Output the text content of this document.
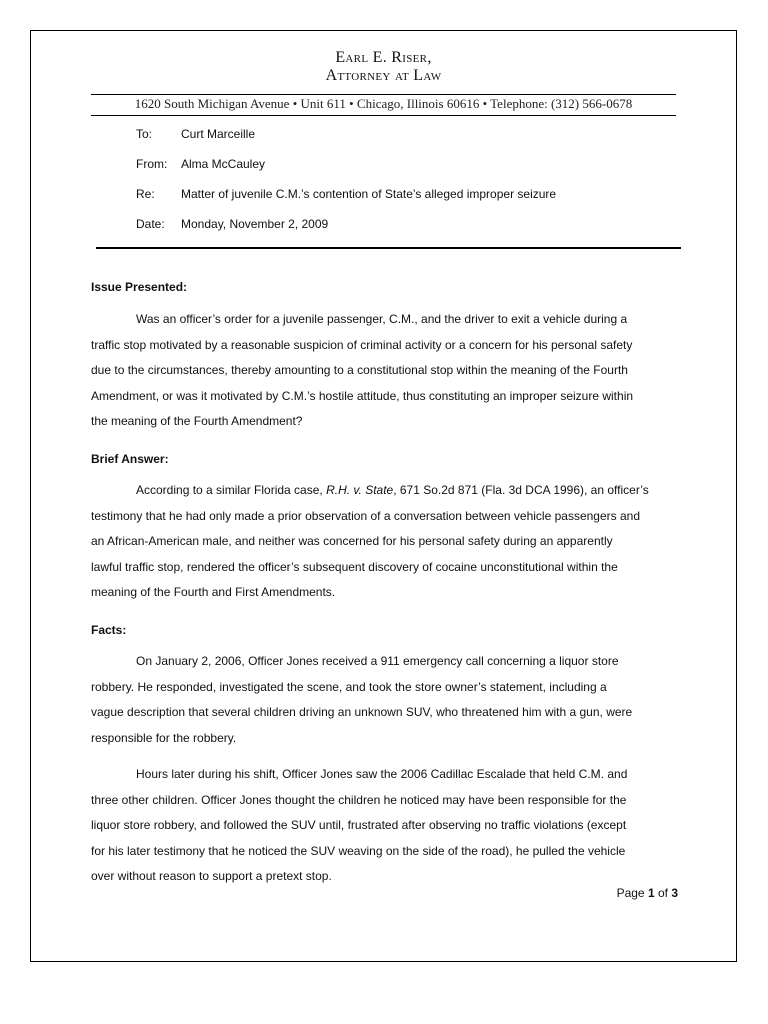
Earl E. Riser,
Attorney at Law
1620 South Michigan Avenue • Unit 611 • Chicago, Illinois 60616 • Telephone: (312) 566-0678
To: Curt Marceille
From: Alma McCauley
Re: Matter of juvenile C.M.’s contention of State’s alleged improper seizure
Date: Monday, November 2, 2009
Issue Presented:
Was an officer’s order for a juvenile passenger, C.M., and the driver to exit a vehicle during a
traffic stop motivated by a reasonable suspicion of criminal activity or a concern for his personal safety
due to the circumstances, thereby amounting to a constitutional stop within the meaning of the Fourth
Amendment, or was it motivated by C.M.’s hostile attitude, thus constituting an improper seizure within
the meaning of the Fourth Amendment?
Brief Answer:
According to a similar Florida case, R.H. v. State, 671 So.2d 871 (Fla. 3d DCA 1996), an officer’s
testimony that he had only made a prior observation of a conversation between vehicle passengers and
an African-American male, and neither was concerned for his personal safety during an apparently
lawful traffic stop, rendered the officer’s subsequent discovery of cocaine unconstitutional within the
meaning of the Fourth and First Amendments.
Facts:
On January 2, 2006, Officer Jones received a 911 emergency call concerning a liquor store
robbery. He responded, investigated the scene, and took the store owner’s statement, including a
vague description that several children driving an unknown SUV, who threatened him with a gun, were
responsible for the robbery.
Hours later during his shift, Officer Jones saw the 2006 Cadillac Escalade that held C.M. and
three other children. Officer Jones thought the children he noticed may have been responsible for the
liquor store robbery, and followed the SUV until, frustrated after observing no traffic violations (except
for his later testimony that he noticed the SUV weaving on the side of the road), he pulled the vehicle
over without reason to support a pretext stop.
Page 1 of 3
